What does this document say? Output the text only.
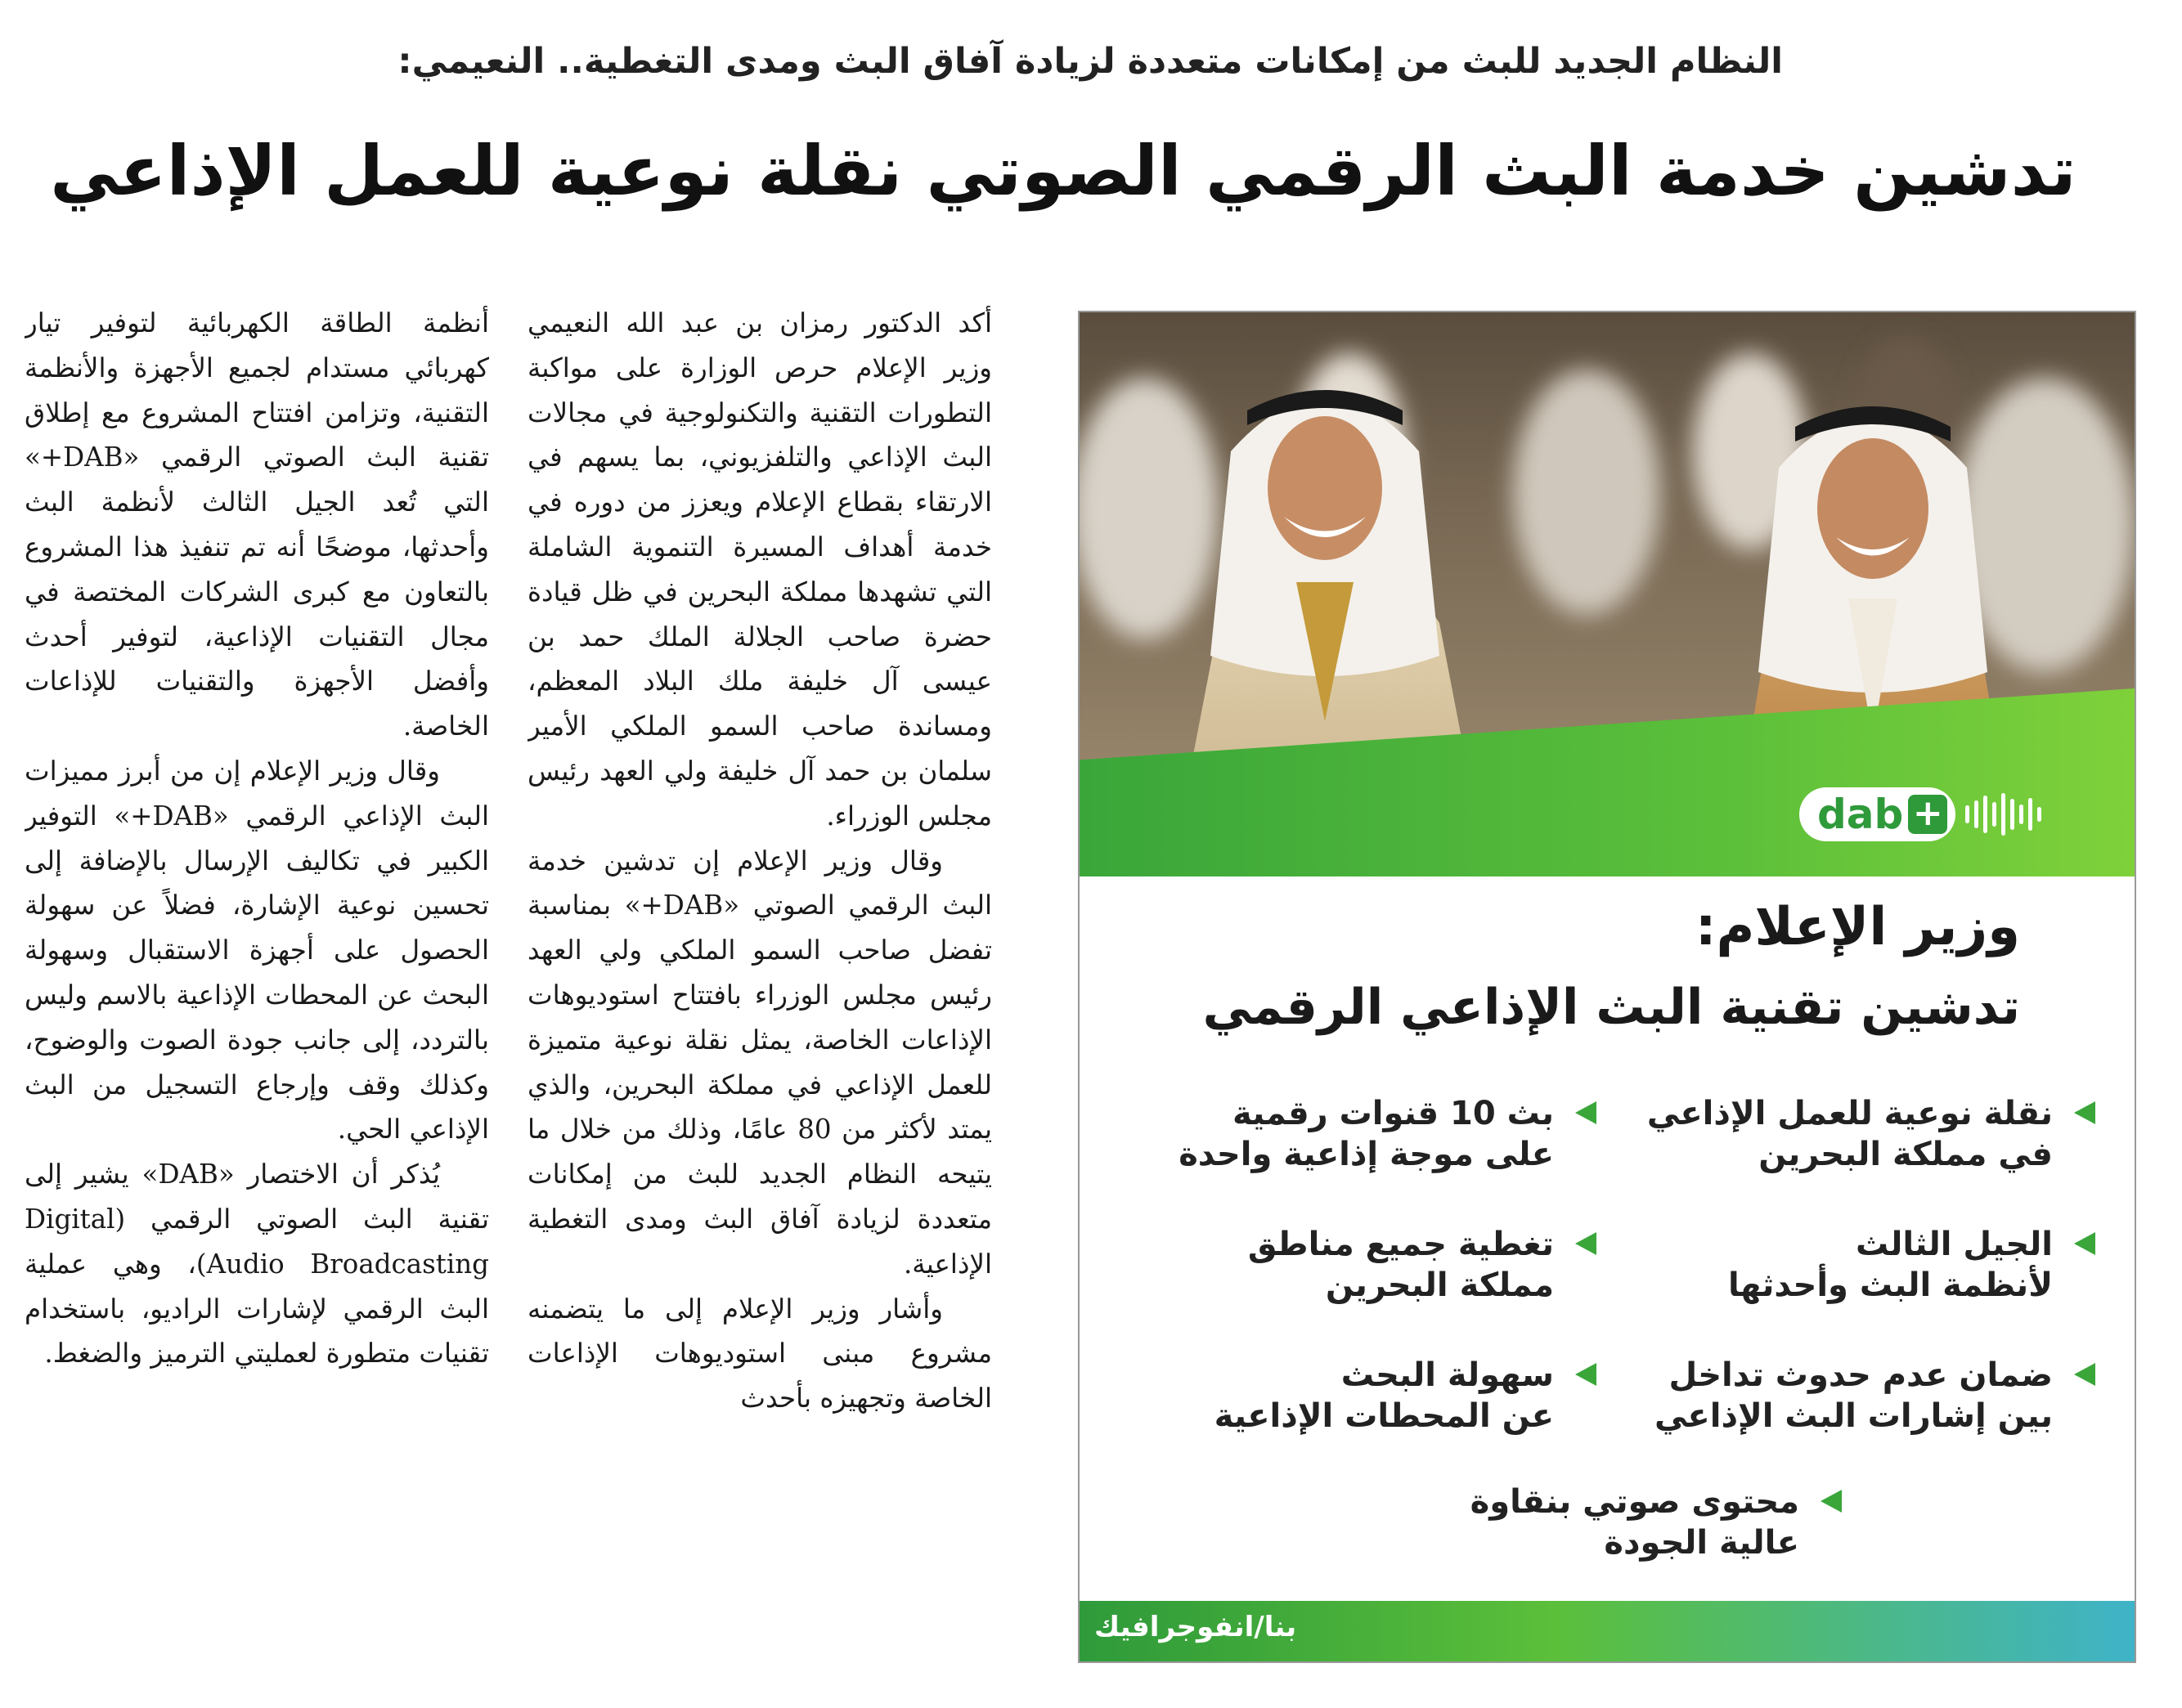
النظام الجديد للبث من إمكانات متعددة لزيادة آفاق البث ومدى التغطية.. النعيمي:
تدشين خدمة البث الرقمي الصوتي نقلة نوعية للعمل الإذاعي

أكد الدكتور رمزان بن عبد الله النعيمي وزير الإعلام حرص الوزارة على مواكبة التطورات التقنية والتكنولوجية في مجالات البث الإذاعي والتلفزيوني، بما يسهم في الارتقاء بقطاع الإعلام ويعزز من دوره في خدمة أهداف المسيرة التنموية الشاملة التي تشهدها مملكة البحرين في ظل قيادة حضرة صاحب الجلالة الملك حمد بن عيسى آل خليفة ملك البلاد المعظم، ومساندة صاحب السمو الملكي الأمير سلمان بن حمد آل خليفة ولي العهد رئيس مجلس الوزراء.

وقال وزير الإعلام إن تدشين خدمة البث الرقمي الصوتي «DAB+» بمناسبة تفضل صاحب السمو الملكي ولي العهد رئيس مجلس الوزراء بافتتاح استوديوهات الإذاعات الخاصة، يمثل نقلة نوعية متميزة للعمل الإذاعي في مملكة البحرين، والذي يمتد لأكثر من 80 عامًا، وذلك من خلال ما يتيحه النظام الجديد للبث من إمكانات متعددة لزيادة آفاق البث ومدى التغطية الإذاعية.

وأشار وزير الإعلام إلى ما يتضمنه مشروع مبنى استوديوهات الإذاعات الخاصة وتجهيزه بأحدث

أنظمة الطاقة الكهربائية لتوفير تيار كهربائي مستدام لجميع الأجهزة والأنظمة التقنية، وتزامن افتتاح المشروع مع إطلاق تقنية البث الصوتي الرقمي «DAB+» التي تُعد الجيل الثالث لأنظمة البث وأحدثها، موضحًا أنه تم تنفيذ هذا المشروع بالتعاون مع كبرى الشركات المختصة في مجال التقنيات الإذاعية، لتوفير أحدث وأفضل الأجهزة والتقنيات للإذاعات الخاصة.

وقال وزير الإعلام إن من أبرز مميزات البث الإذاعي الرقمي «DAB+» التوفير الكبير في تكاليف الإرسال بالإضافة إلى تحسين نوعية الإشارة، فضلاً عن سهولة الحصول على أجهزة الاستقبال وسهولة البحث عن المحطات الإذاعية بالاسم وليس بالتردد، إلى جانب جودة الصوت والوضوح، وكذلك وقف وإرجاع التسجيل من البث الإذاعي الحي.

يُذكر أن الاختصار «DAB» يشير إلى تقنية البث الصوتي الرقمي (Digital Audio Broadcasting)، وهي عملية البث الرقمي لإشارات الراديو، باستخدام تقنيات متطورة لعمليتي الترميز والضغط.

dab +
وزير الإعلام:
تدشين تقنية البث الإذاعي الرقمي
نقلة نوعية للعمل الإذاعي
في مملكة البحرين
بث 10 قنوات رقمية
على موجة إذاعية واحدة
الجيل الثالث
لأنظمة البث وأحدثها
تغطية جميع مناطق
مملكة البحرين
ضمان عدم حدوث تداخل
بين إشارات البث الإذاعي
سهولة البحث
عن المحطات الإذاعية
محتوى صوتي بنقاوة
عالية الجودة
بنا/انفوجرافيك
